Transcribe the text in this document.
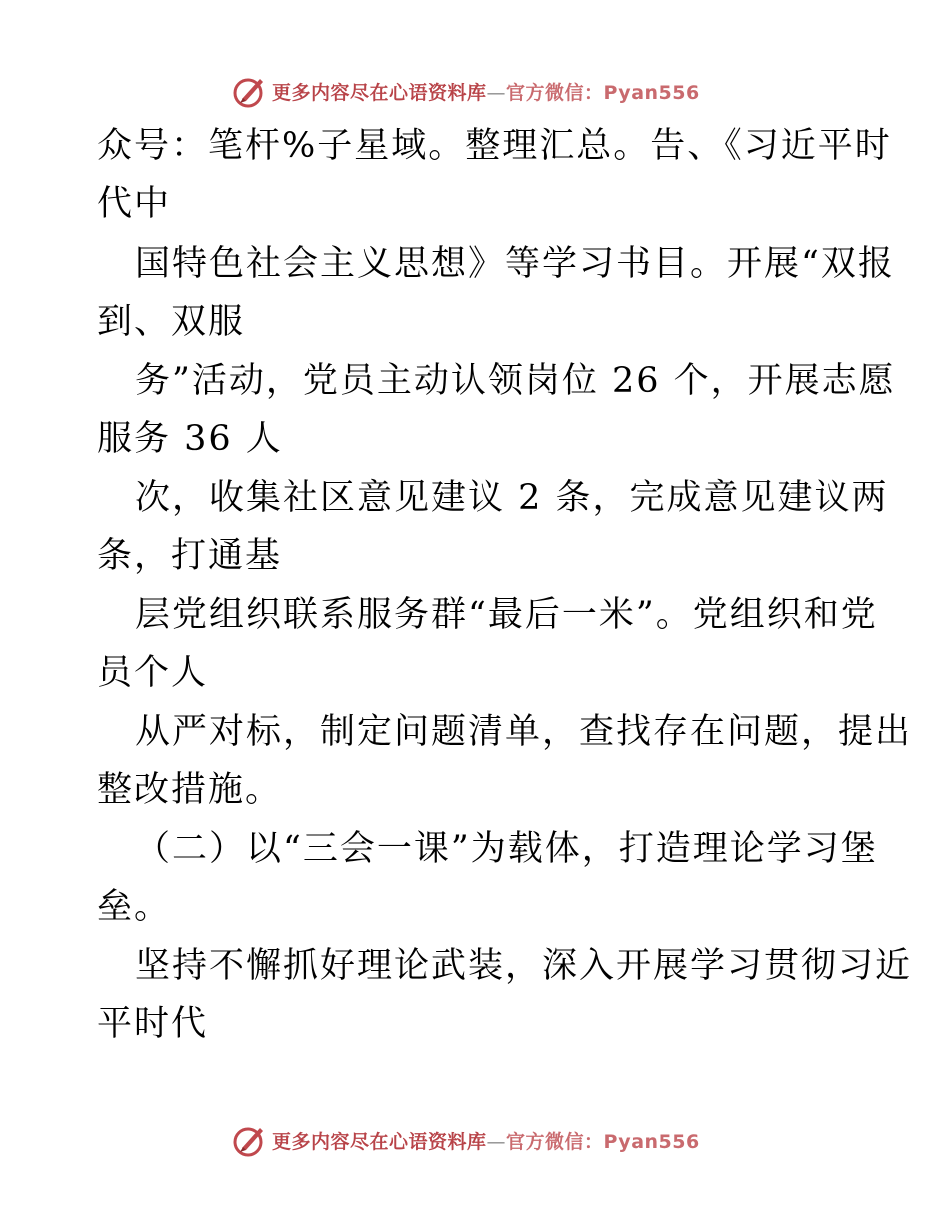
更多内容尽在心语资料库—官方微信：Pyan556
众号：笔杆%子星域。整理汇总。告、《习近平时
代中
国特色社会主义思想》等学习书目。开展“双报
到、双服
务”活动，党员主动认领岗位 26 个，开展志愿
服务 36 人
次，收集社区意见建议 2 条，完成意见建议两
条，打通基
层党组织联系服务群“最后一米”。党组织和党
员个人
从严对标，制定问题清单，查找存在问题，提出
整改措施。
（二）以“三会一课”为载体，打造理论学习堡
垒。
坚持不懈抓好理论武装，深入开展学习贯彻习近
平时代
更多内容尽在心语资料库—官方微信：Pyan556
